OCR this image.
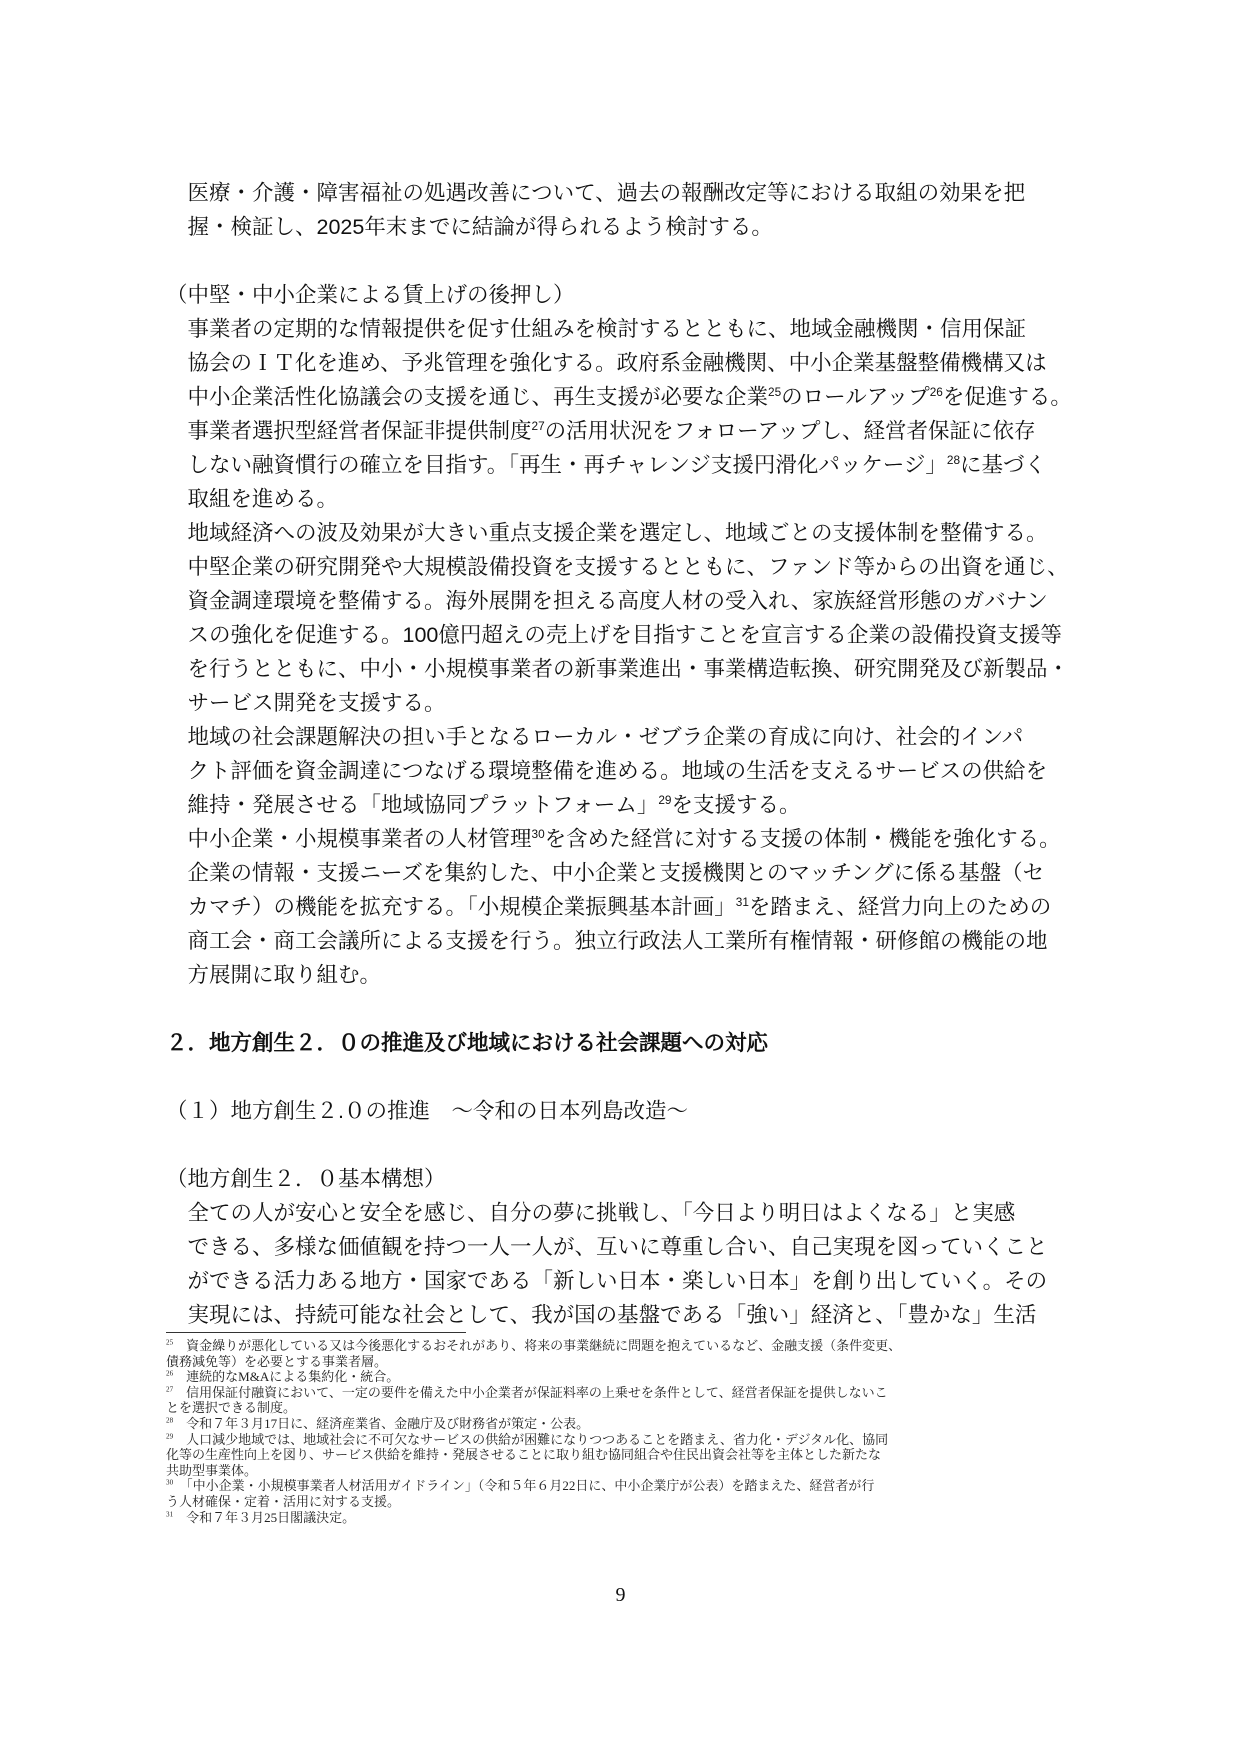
医療・介護・障害福祉の処遇改善について、過去の報酬改定等における取組の効果を把
握・検証し、2025年末までに結論が得られるよう検討する。

（中堅・中小企業による賃上げの後押し）

事業者の定期的な情報提供を促す仕組みを検討するとともに、地域金融機関・信用保証
協会のＩＴ化を進め、予兆管理を強化する。政府系金融機関、中小企業基盤整備機構又は
中小企業活性化協議会の支援を通じ、再生支援が必要な企業$^{25}$のロールアップ$^{26}$を促進する。
事業者選択型経営者保証非提供制度$^{27}$の活用状況をフォローアップし、経営者保証に依存
しない融資慣行の確立を目指す。「再生・再チャレンジ支援円滑化パッケージ」$^{28}$に基づく
取組を進める。

地域経済への波及効果が大きい重点支援企業を選定し、地域ごとの支援体制を整備する。
中堅企業の研究開発や大規模設備投資を支援するとともに、ファンド等からの出資を通じ、
資金調達環境を整備する。海外展開を担える高度人材の受入れ、家族経営形態のガバナン
スの強化を促進する。100億円超えの売上げを目指すことを宣言する企業の設備投資支援等
を行うとともに、中小・小規模事業者の新事業進出・事業構造転換、研究開発及び新製品・
サービス開発を支援する。

地域の社会課題解決の担い手となるローカル・ゼブラ企業の育成に向け、社会的インパ
クト評価を資金調達につなげる環境整備を進める。地域の生活を支えるサービスの供給を
維持・発展させる「地域協同プラットフォーム」$^{29}$を支援する。

中小企業・小規模事業者の人材管理$^{30}$を含めた経営に対する支援の体制・機能を強化する。
企業の情報・支援ニーズを集約した、中小企業と支援機関とのマッチングに係る基盤（セ
カマチ）の機能を拡充する。「小規模企業振興基本計画」$^{31}$を踏まえ、経営力向上のための
商工会・商工会議所による支援を行う。独立行政法人工業所有権情報・研修館の機能の地
方展開に取り組む。

２．地方創生２．０の推進及び地域における社会課題への対応

（１）地方創生２.０の推進　～令和の日本列島改造～

（地方創生２．０基本構想）

全ての人が安心と安全を感じ、自分の夢に挑戦し、「今日より明日はよくなる」と実感
できる、多様な価値観を持つ一人一人が、互いに尊重し合い、自己実現を図っていくこと
ができる活力ある地方・国家である「新しい日本・楽しい日本」を創り出していく。その
実現には、持続可能な社会として、我が国の基盤である「強い」経済と、「豊かな」生活

$^{25}$　 資金繰りが悪化している又は今後悪化するおそれがあり、将来の事業継続に問題を抱えているなど、金融支援（条件変更、
債務減免等）を必要とする事業者層。

$^{26}$　 連続的なM&Aによる集約化・統合。

$^{27}$　 信用保証付融資において、一定の要件を備えた中小企業者が保証料率の上乗せを条件として、経営者保証を提供しないこ
とを選択できる制度。

$^{28}$　 令和７年３月17日に、経済産業省、金融庁及び財務省が策定・公表。

$^{29}$　 人口減少地域では、地域社会に不可欠なサービスの供給が困難になりつつあることを踏まえ、省力化・デジタル化、協同
化等の生産性向上を図り、サービス供給を維持・発展させることに取り組む協同組合や住民出資会社等を主体とした新たな
共助型事業体。

$^{30}$　 「中小企業・小規模事業者人材活用ガイドライン」（令和５年６月22日に、中小企業庁が公表）を踏まえた、経営者が行
う人材確保・定着・活用に対する支援。

$^{31}$　 令和７年３月25日閣議決定。

9
